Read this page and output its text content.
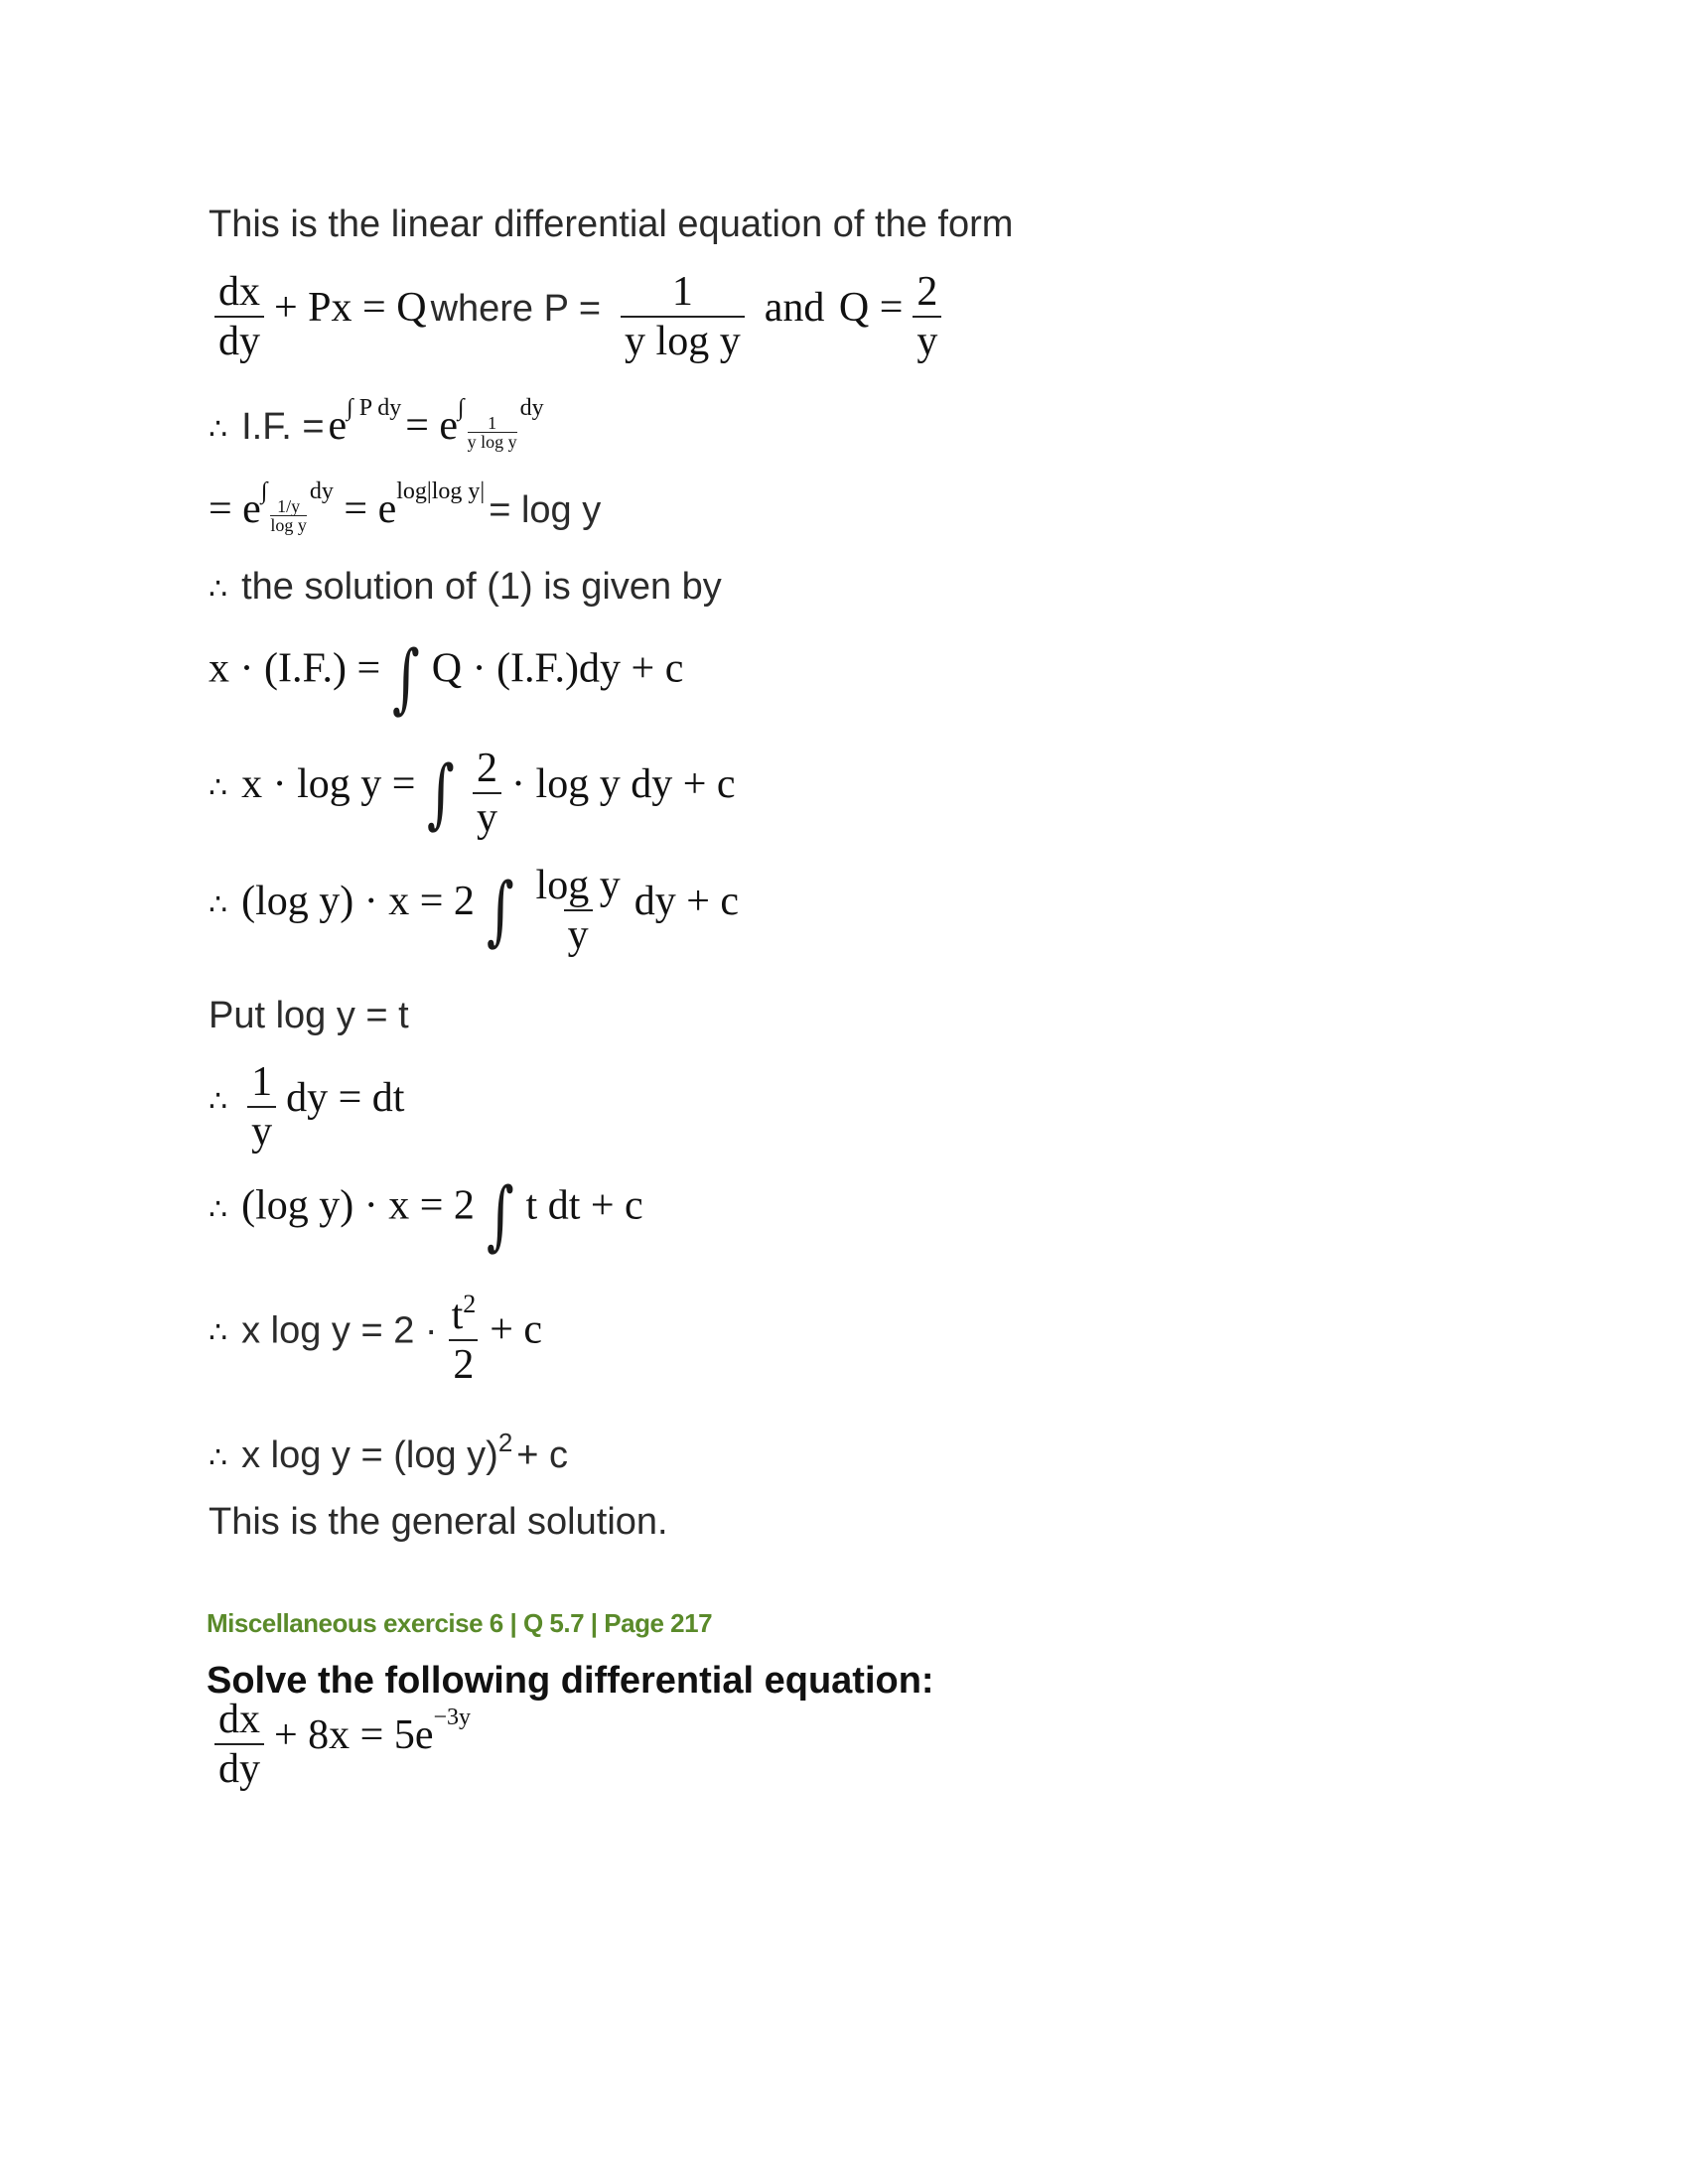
This is the linear differential equation of the form
$\frac{dx}{dy} + Px = Q$ where $P = \frac{1}{\text{y log y}}$ and  $Q = \frac{2}{y}$
∴ I.F. = $e^{\int P dy} = e^\int$
$\frac{1}{\text{y log y}}$
$^{dy}$
= e∫
$\frac{1/y}{\text{log y}}$
$^{dy} = e^{log|log y|} = \log y$
∴ the solution of (1) is given by
x · (I.F.) = ∫ Q · (I.F.)dy + c
∴ x · log y = ∫ $\frac{2}{y} \cdot \log y$ dy + c
∴ (log y) · x = 2 ∫ $\frac{\text{log y}}{y}$ dy + c
Put log y = t
∴ $\frac{1}{y}$ dy = dt
∴ (log y) · x = 2 ∫ t dt + c
∴ x $\log y = 2 \cdot \frac{t^2}{2} + c$
∴ x log y = (log y)2 + c
This is the general solution.
Miscellaneous exercise 6 | Q 5.7 | Page 217
Solve the following differential equation:
$\frac{dx}{dy} + 8x = 5e^{-3y}$
